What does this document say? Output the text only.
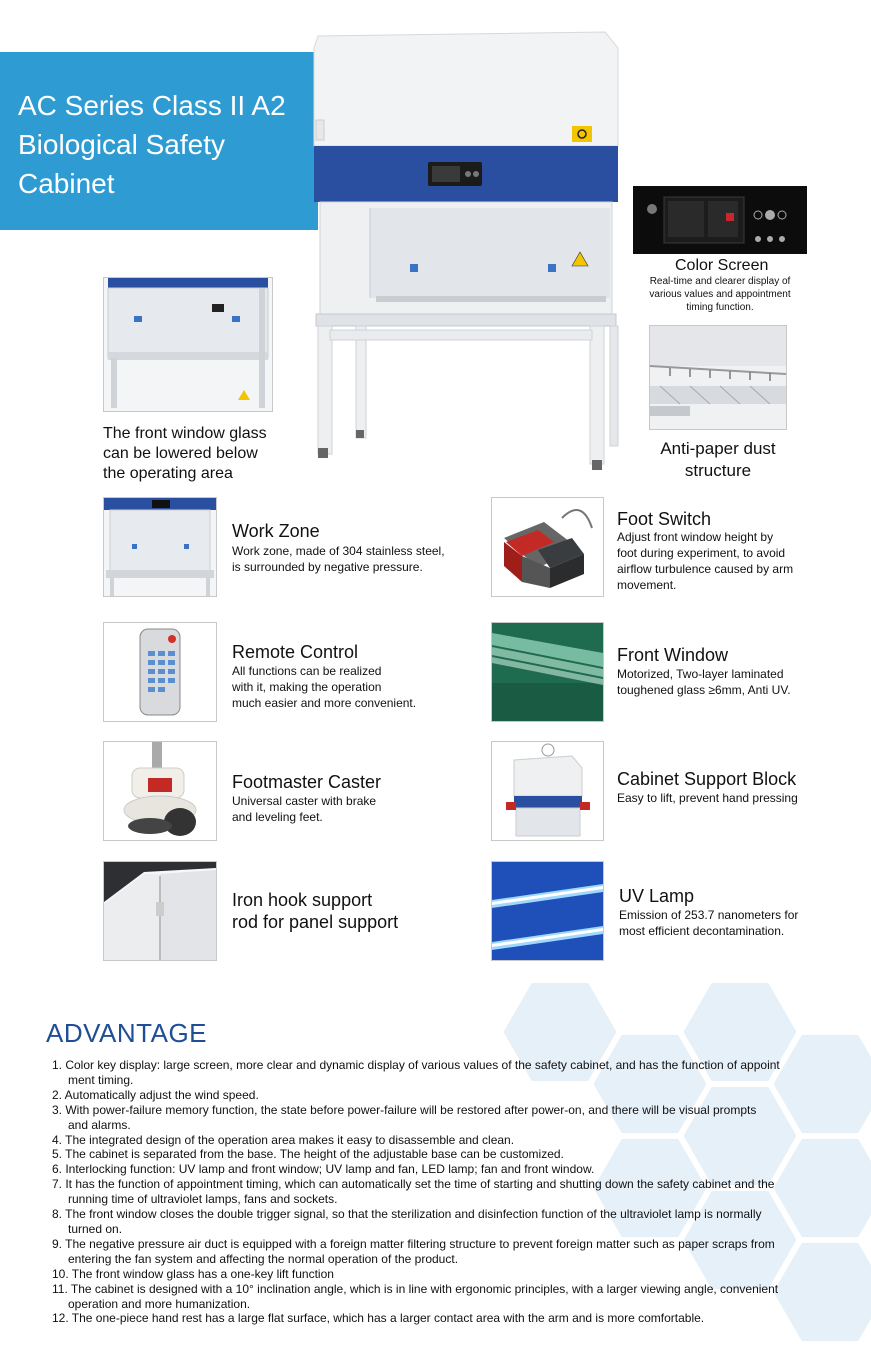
AC Series Class II A2
Biological Safety
Cabinet
The front window glass
can be lowered below
the operating area
Color Screen
Real-time and clearer display of
various values and appointment
timing function.
Anti-paper dust
structure
Work Zone
Work zone, made of 304 stainless steel,
is surrounded by negative pressure.
Foot Switch
Adjust front window height by
foot during experiment, to avoid
airflow turbulence caused by arm
movement.
Remote Control
All functions can be realized
with it, making the operation
much easier and more convenient.
Front Window
Motorized, Two-layer laminated
toughened glass ≥6mm, Anti UV.
Footmaster Caster
Universal caster with brake
and leveling feet.
Cabinet Support Block
Easy to lift, prevent hand pressing
Iron hook support
rod for panel support
UV Lamp
Emission of 253.7 nanometers for
most efficient decontamination.
ADVANTAGE
1. Color key display: large screen, more clear and dynamic display of various values of the safety cabinet, and has the function of appoint
ment timing.
2. Automatically adjust the wind speed.
3. With power-failure memory function, the state before power-failure will be restored after power-on, and there will be visual prompts
and alarms.
4. The integrated design of the operation area makes it easy to disassemble and clean.
5. The cabinet is separated from the base. The height of the adjustable base can be customized.
6. Interlocking function: UV lamp and front window; UV lamp and fan, LED lamp; fan and front window.
7. It has the function of appointment timing, which can automatically set the time of starting and shutting down the safety cabinet and the
running time of ultraviolet lamps, fans and sockets.
8. The front window closes the double trigger signal, so that the sterilization and disinfection function of the ultraviolet lamp is normally
turned on.
9. The negative pressure air duct is equipped with a foreign matter filtering structure to prevent foreign matter such as paper scraps from
entering the fan system and affecting the normal operation of the product.
10. The front window glass has a one-key lift function
11. The cabinet is designed with a 10° inclination angle, which is in line with ergonomic principles, with a larger viewing angle, convenient
operation and more humanization.
12. The one-piece hand rest has a large flat surface, which has a larger contact area with the arm and is more comfortable.
